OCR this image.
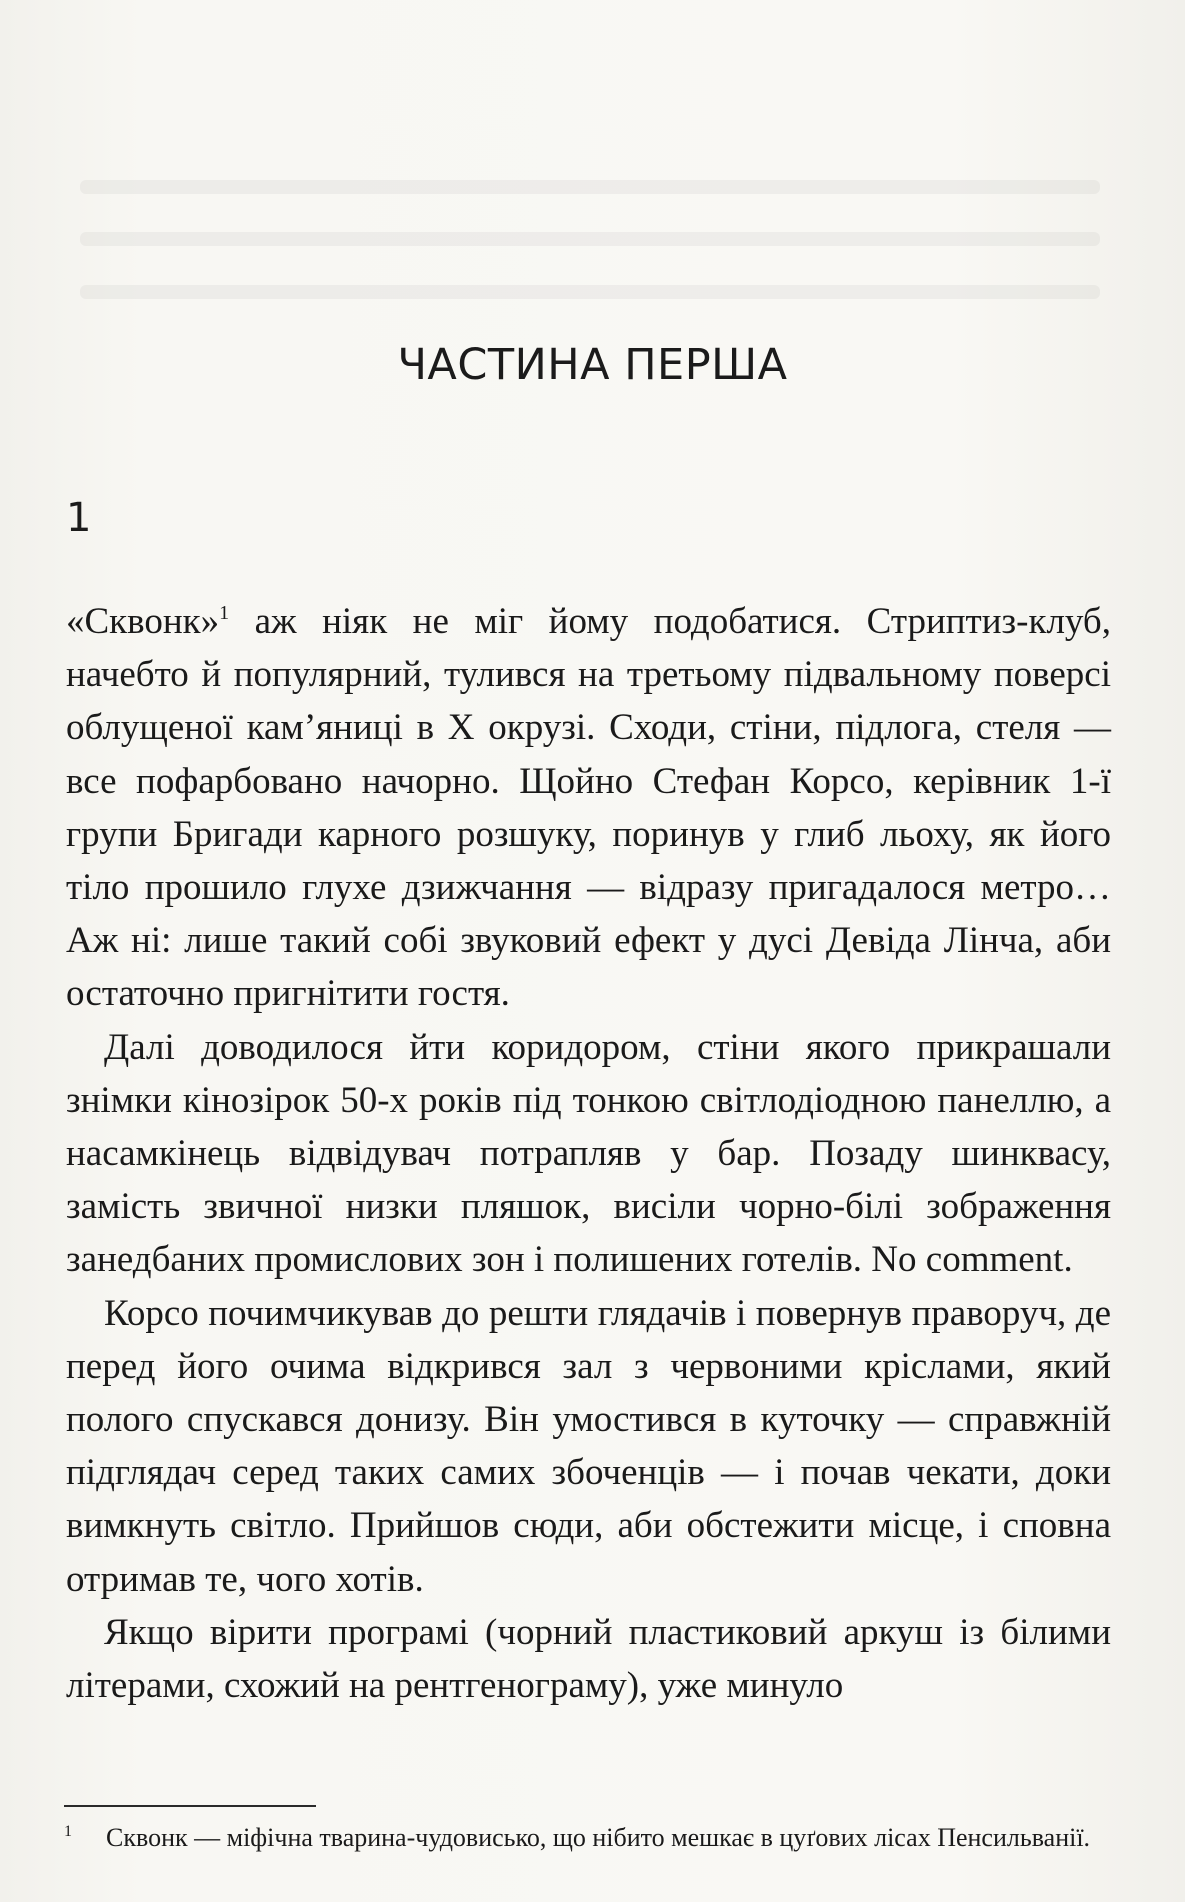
ЧАСТИНА ПЕРША
1

«Сквонк»$^1$ аж ніяк не міг йому подобатися. Стриптиз-клуб, начебто й популярний, тулився на третьому підвальному поверсі облущеної кам’яниці в Х окрузі. Сходи, стіни, підлога, стеля — все пофарбовано начорно. Щойно Стефан Корсо, керівник 1-ї групи Бригади карного розшуку, поринув у глиб льоху, як його тіло прошило глухе дзижчання — відразу пригадалося метро… Аж ні: лише такий собі звуковий ефект у дусі Девіда Лінча, аби остаточно пригнітити гостя.

Далі доводилося йти коридором, стіни якого прикрашали знімки кінозірок 50-х років під тонкою світлодіодною панеллю, а насамкінець відвідувач потрапляв у бар. Позаду шинквасу, замість звичної низки пляшок, висіли чорно-білі зображення занедбаних промислових зон і полишених готелів. No comment.

Корсо почимчикував до решти глядачів і повернув праворуч, де перед його очима відкрився зал з червоними кріслами, який полого спускався донизу. Він умостився в куточку — справжній підглядач серед таких самих збоченців — і почав чекати, доки вимкнуть світло. Прийшов сюди, аби обстежити місце, і сповна отримав те, чого хотів.

Якщо вірити програмі (чорний пластиковий аркуш із білими літерами, схожий на рентгенограму), уже минуло

1	Сквонк — міфічна тварина-чудовисько, що нібито мешкає в цуґових лісах Пенсильванії.
